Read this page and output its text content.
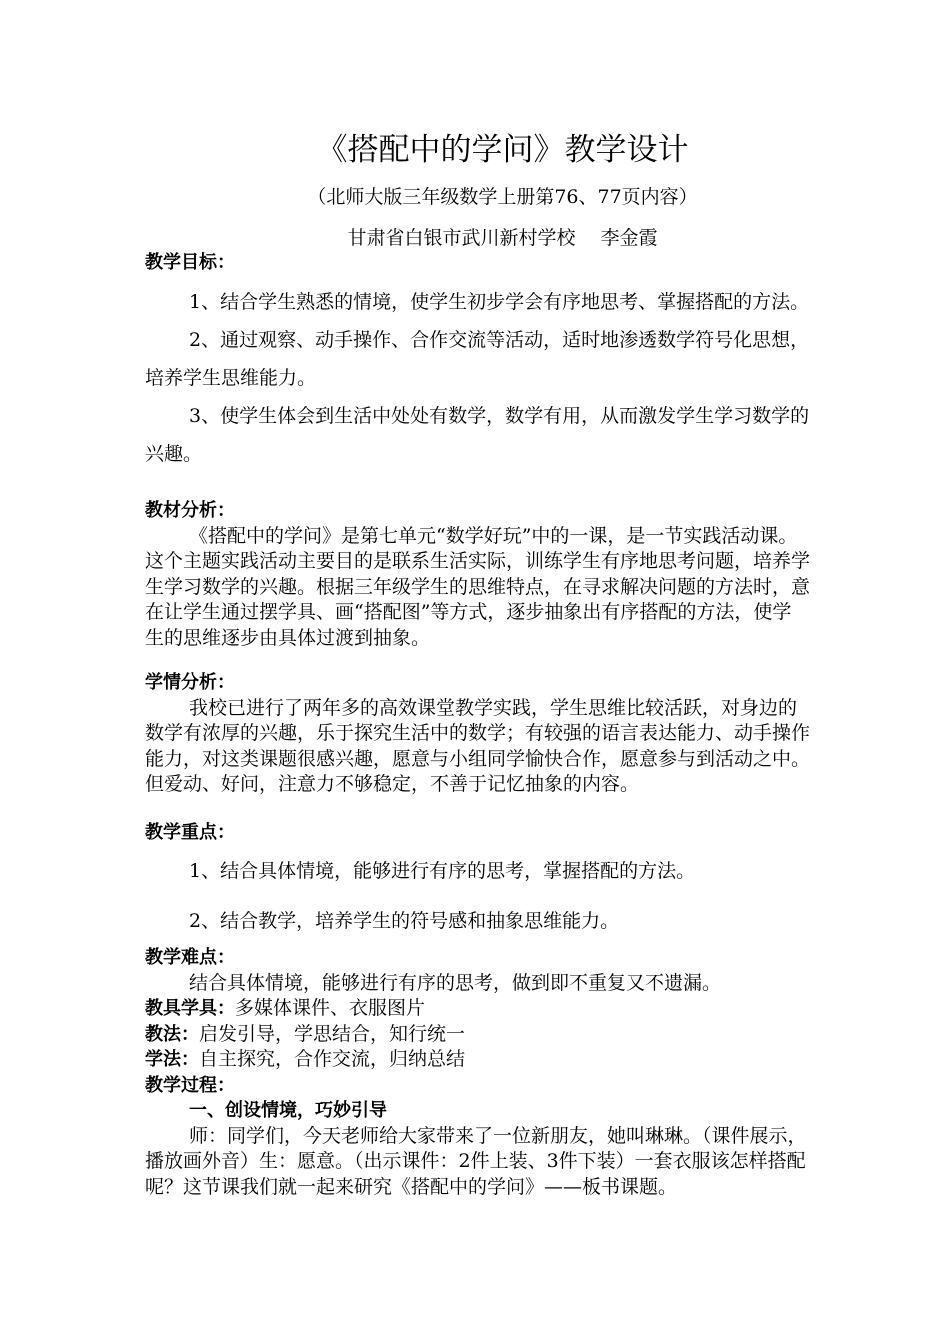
《搭配中的学问》教学设计
（北师大版三年级数学上册第76、77页内容）
甘肃省白银市武川新村学校　 李金霞
教学目标：

1、结合学生熟悉的情境，使学生初步学会有序地思考、掌握搭配的方法。

2、通过观察、动手操作、合作交流等活动，适时地渗透数学符号化思想，培养学生思维能力。

3、使学生体会到生活中处处有数学，数学有用，从而激发学生学习数学的兴趣。

教材分析：

《搭配中的学问》是第七单元“数学好玩”中的一课，是一节实践活动课。这个主题实践活动主要目的是联系生活实际，训练学生有序地思考问题，培养学生学习数学的兴趣。根据三年级学生的思维特点，在寻求解决问题的方法时，意在让学生通过摆学具、画“搭配图”等方式，逐步抽象出有序搭配的方法，使学生的思维逐步由具体过渡到抽象。

学情分析：

我校已进行了两年多的高效课堂教学实践，学生思维比较活跃，对身边的数学有浓厚的兴趣，乐于探究生活中的数学；有较强的语言表达能力、动手操作能力，对这类课题很感兴趣，愿意与小组同学愉快合作，愿意参与到活动之中。但爱动、好问，注意力不够稳定，不善于记忆抽象的内容。

教学重点：
1、结合具体情境，能够进行有序的思考，掌握搭配的方法。
2、结合教学，培养学生的符号感和抽象思维能力。
教学难点：
结合具体情境，能够进行有序的思考，做到即不重复又不遗漏。
教具学具：多媒体课件、衣服图片
教法：启发引导，学思结合，知行统一
学法：自主探究，合作交流，归纳总结
教学过程：
一、创设情境，巧妙引导

师：同学们，今天老师给大家带来了一位新朋友，她叫琳琳。（课件展示，播放画外音）生：愿意。（出示课件：2件上装、3件下装）一套衣服该怎样搭配呢？这节课我们就一起来研究《搭配中的学问》——板书课题。
